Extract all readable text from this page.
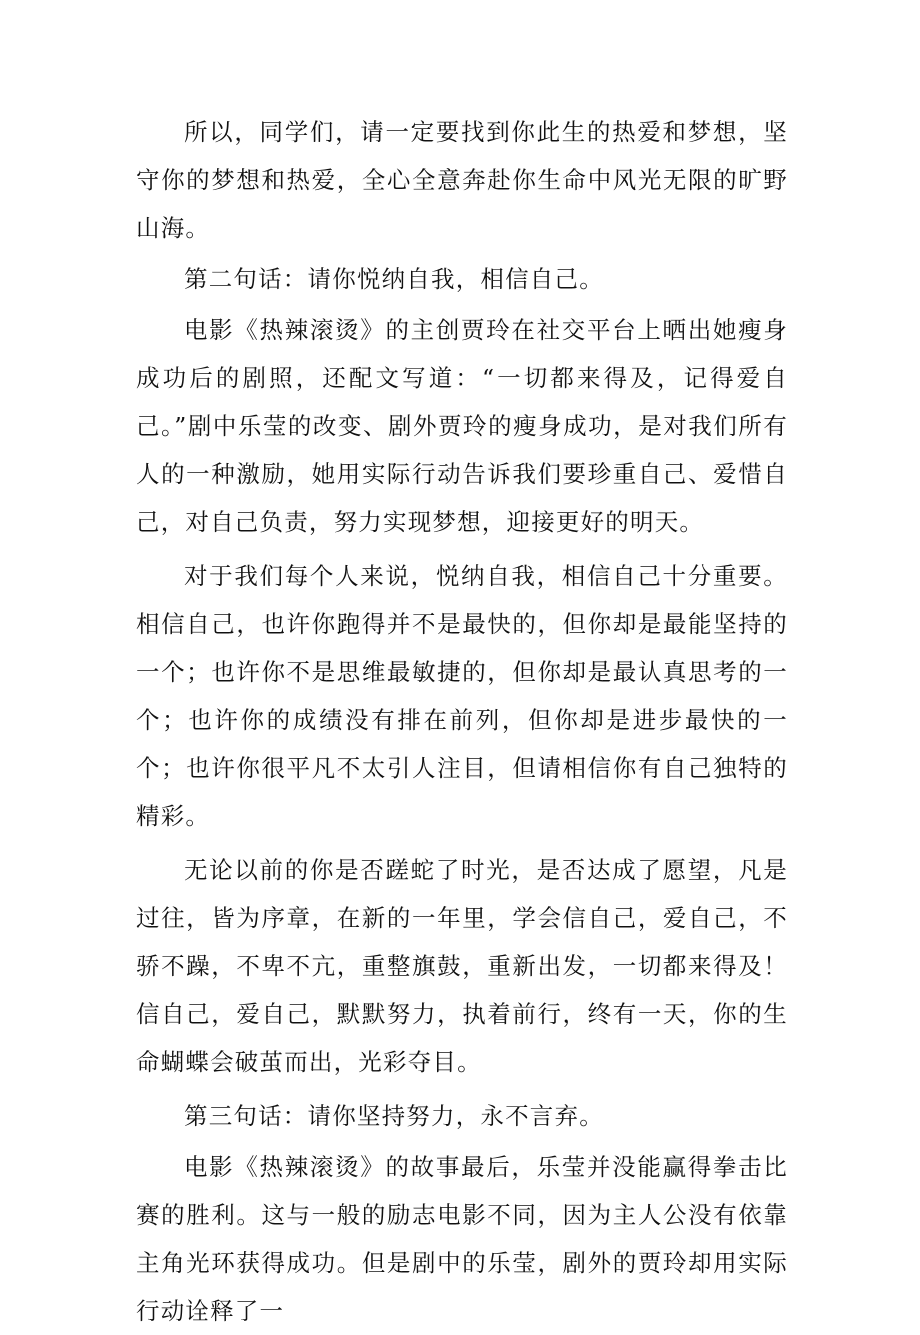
所以，同学们，请一定要找到你此生的热爱和梦想，坚守你的梦想和热爱，全心全意奔赴你生命中风光无限的旷野山海。

第二句话：请你悦纳自我，相信自己。

电影《热辣滚烫》的主创贾玲在社交平台上晒出她瘦身成功后的剧照，还配文写道：“一切都来得及，记得爱自己。”剧中乐莹的改变、剧外贾玲的瘦身成功，是对我们所有人的一种激励，她用实际行动告诉我们要珍重自己、爱惜自己，对自己负责，努力实现梦想，迎接更好的明天。

对于我们每个人来说，悦纳自我，相信自己十分重要。相信自己，也许你跑得并不是最快的，但你却是最能坚持的一个；也许你不是思维最敏捷的，但你却是最认真思考的一个；也许你的成绩没有排在前列，但你却是进步最快的一个；也许你很平凡不太引人注目，但请相信你有自己独特的精彩。

无论以前的你是否蹉蛇了时光，是否达成了愿望，凡是过往，皆为序章，在新的一年里，学会信自己，爱自己，不骄不躁，不卑不亢，重整旗鼓，重新出发，一切都来得及！信自己，爱自己，默默努力，执着前行，终有一天，你的生命蝴蝶会破茧而出，光彩夺目。

第三句话：请你坚持努力，永不言弃。

电影《热辣滚烫》的故事最后，乐莹并没能赢得拳击比赛的胜利。这与一般的励志电影不同，因为主人公没有依靠主角光环获得成功。但是剧中的乐莹，剧外的贾玲却用实际行动诠释了一
